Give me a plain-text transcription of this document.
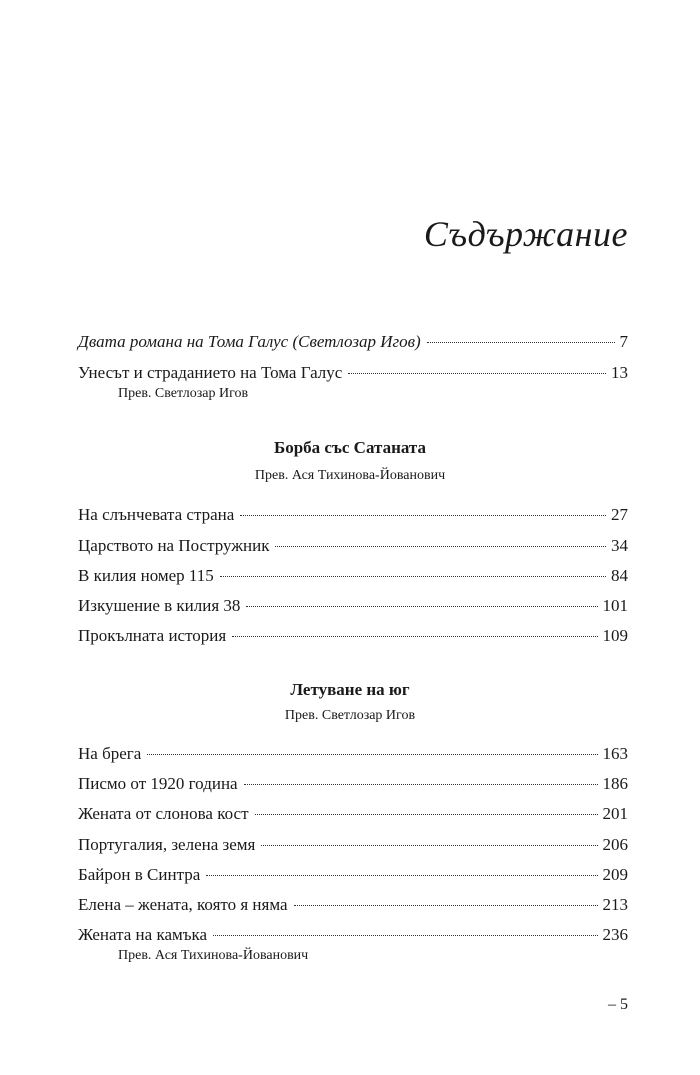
Съдържание
Двата романа на Тома Галус (Светлозар Игов)	7
Унесът и страданието на Тома Галус	13
Прев. Светлозар Игов
Борба със Сатаната
Прев. Ася Тихинова-Йованович
На слънчевата страна	27
Царството на Постружник	34
В килия номер 115	84
Изкушение в килия 38	101
Прокълната история	109
Летуване на юг
Прев. Светлозар Игов
На брега	163
Писмо от 1920 година	186
Жената от слонова кост	201
Португалия, зелена земя	206
Байрон в Синтра	209
Елена – жената, която я няма	213
Жената на камъка	236
Прев. Ася Тихинова-Йованович
– 5
